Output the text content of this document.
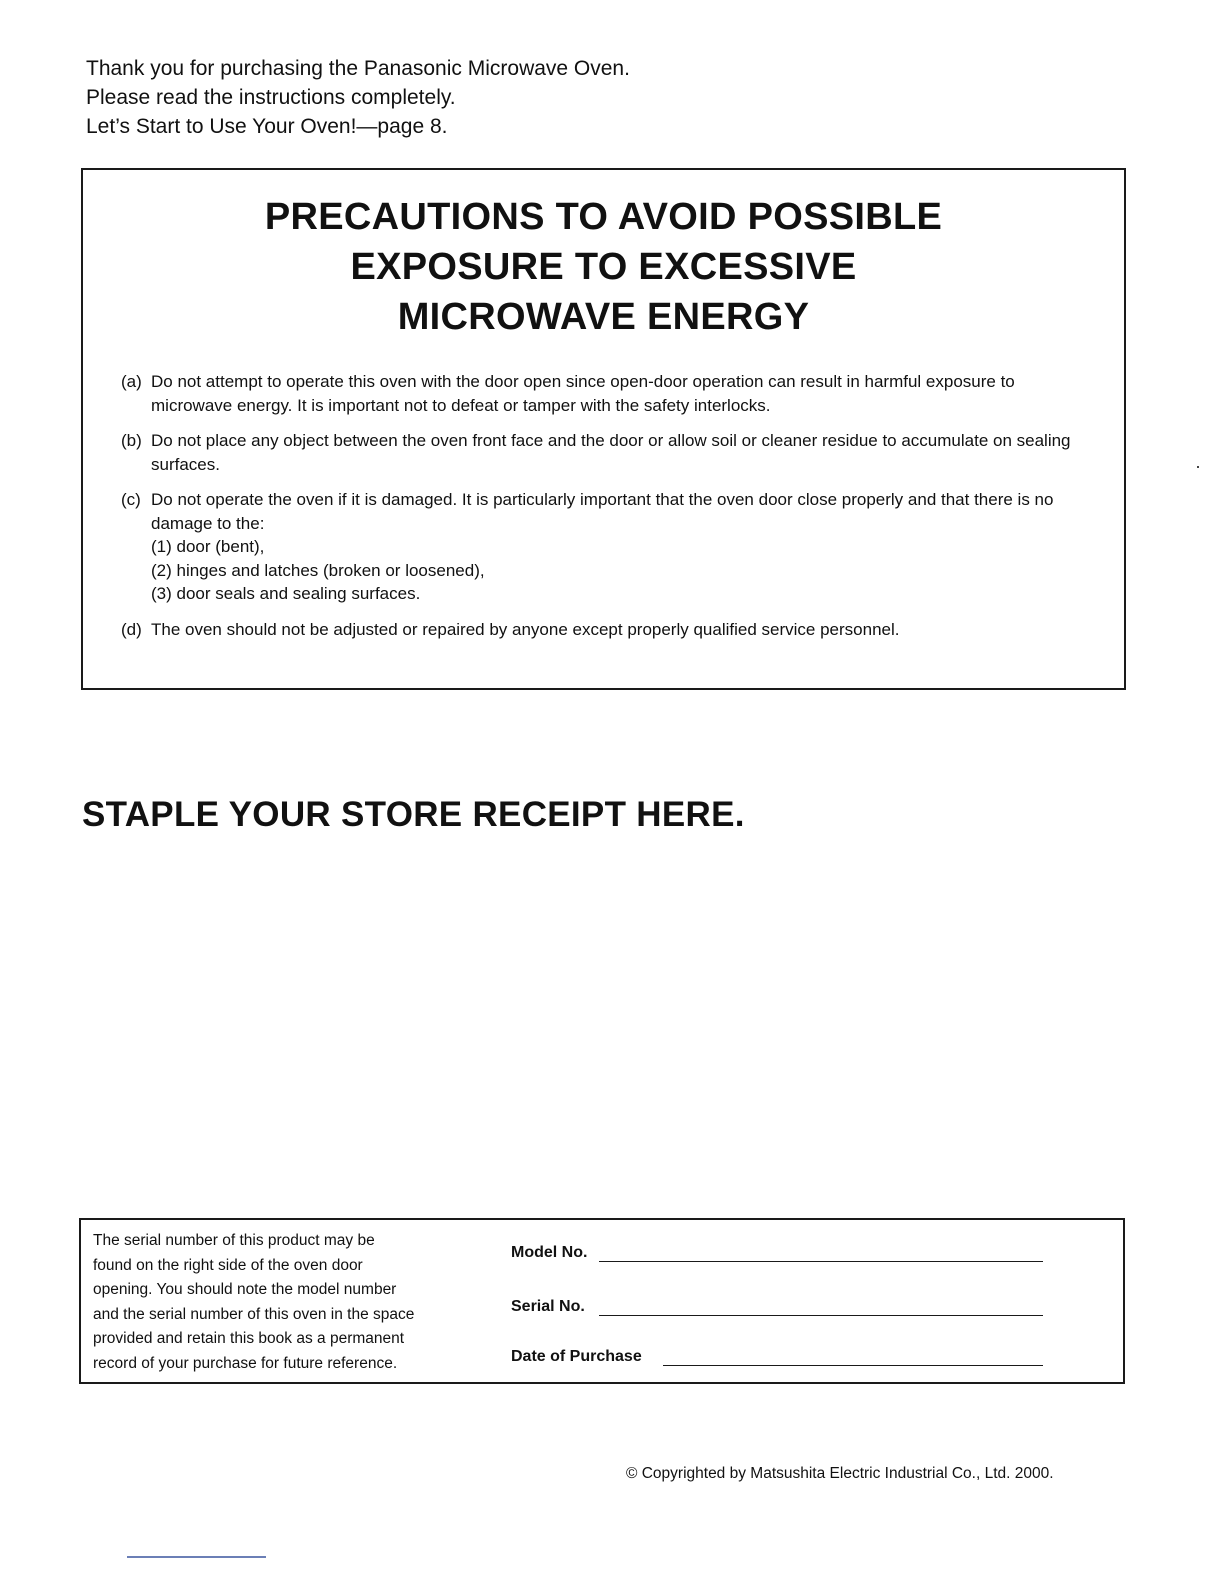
Thank you for purchasing the Panasonic Microwave Oven.
Please read the instructions completely.
Let’s Start to Use Your Oven!—page 8.
PRECAUTIONS TO AVOID POSSIBLE
EXPOSURE TO EXCESSIVE
MICROWAVE ENERGY
(a) Do not attempt to operate this oven with the door open since open-door operation can result in harmful exposure to microwave energy. It is important not to defeat or tamper with the safety interlocks.
(b) Do not place any object between the oven front face and the door or allow soil or cleaner residue to accumulate on sealing surfaces.
(c) Do not operate the oven if it is damaged. It is particularly important that the oven door close properly and that there is no damage to the:
(1) door (bent),
(2) hinges and latches (broken or loosened),
(3) door seals and sealing surfaces.
(d) The oven should not be adjusted or repaired by anyone except properly qualified service personnel.
STAPLE YOUR STORE RECEIPT HERE.
The serial number of this product may be
found on the right side of the oven door
opening. You should note the model number
and the serial number of this oven in the space
provided and retain this book as a permanent
record of your purchase for future reference.
Model No.
Serial No.
Date of Purchase
© Copyrighted by Matsushita Electric Industrial Co., Ltd. 2000.
